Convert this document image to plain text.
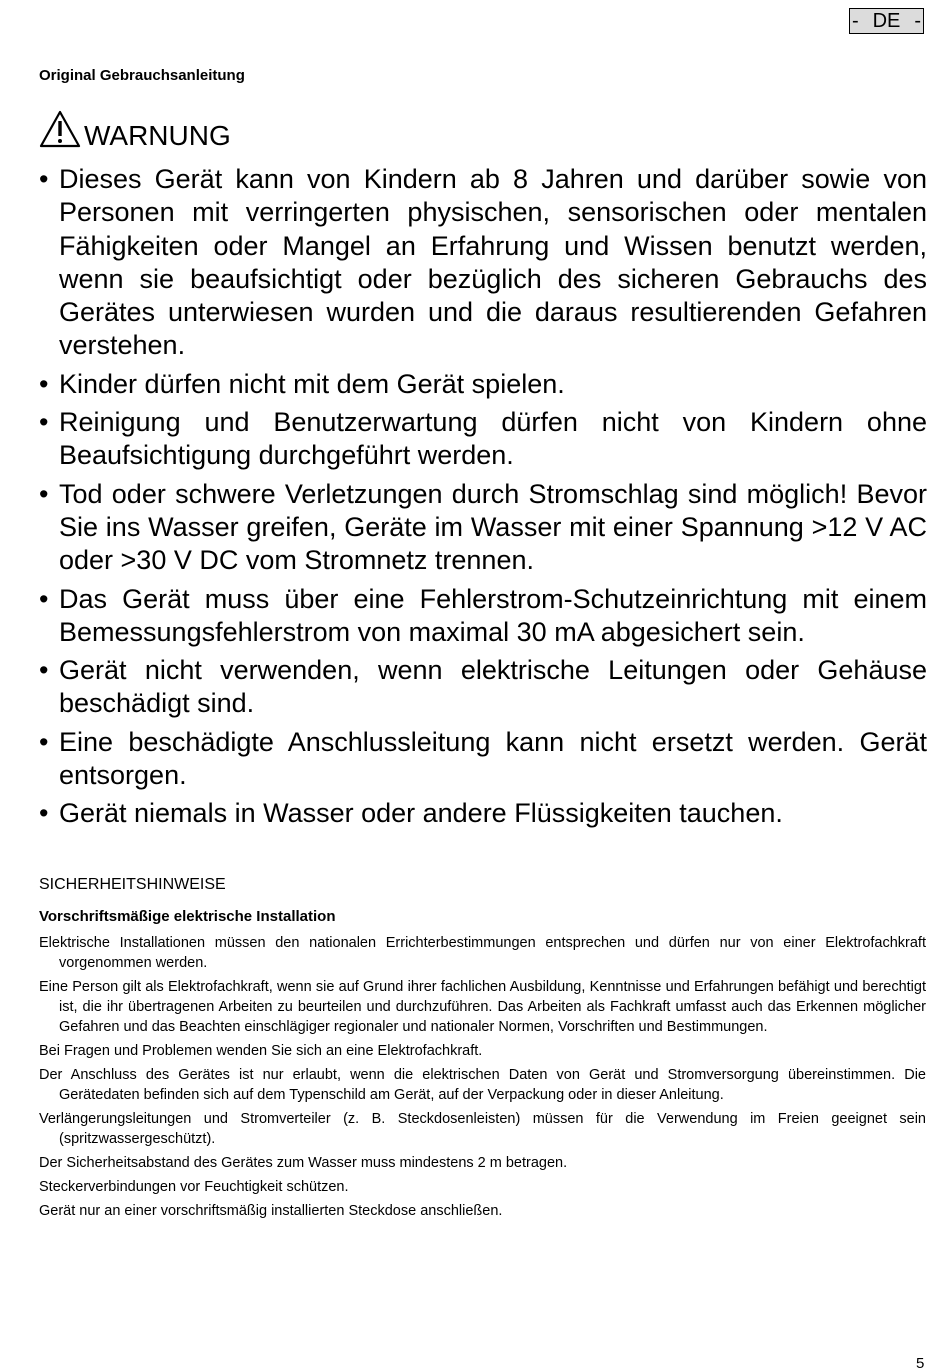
- DE -
Original Gebrauchsanleitung
WARNUNG
• Dieses Gerät kann von Kindern ab 8 Jahren und darüber sowie von Personen mit verringerten physischen, sensorischen oder mentalen Fähigkeiten oder Mangel an Erfahrung und Wissen benutzt werden, wenn sie beaufsichtigt oder bezüglich des sicheren Gebrauchs des Gerätes unterwiesen wurden und die daraus resultierenden Gefahren verstehen.
• Kinder dürfen nicht mit dem Gerät spielen.
• Reinigung und Benutzerwartung dürfen nicht von Kindern ohne Beaufsichtigung durchgeführt werden.
• Tod oder schwere Verletzungen durch Stromschlag sind möglich! Bevor Sie ins Wasser greifen, Geräte im Wasser mit einer Spannung >12 V AC oder >30 V DC vom Stromnetz trennen.
• Das Gerät muss über eine Fehlerstrom-Schutzeinrichtung mit einem Bemessungsfehlerstrom von maximal 30 mA abgesichert sein.
• Gerät nicht verwenden, wenn elektrische Leitungen oder Gehäuse beschädigt sind.
• Eine beschädigte Anschlussleitung kann nicht ersetzt werden. Gerät entsorgen.
• Gerät niemals in Wasser oder andere Flüssigkeiten tauchen.
SICHERHEITSHINWEISE
Vorschriftsmäßige elektrische Installation

Elektrische Installationen müssen den nationalen Errichterbestimmungen entsprechen und dürfen nur von einer Elektrofachkraft vorgenommen werden.

Eine Person gilt als Elektrofachkraft, wenn sie auf Grund ihrer fachlichen Ausbildung, Kenntnisse und Erfahrungen befähigt und berechtigt ist, die ihr übertragenen Arbeiten zu beurteilen und durchzuführen. Das Arbeiten als Fachkraft umfasst auch das Erkennen möglicher Gefahren und das Beachten einschlägiger regionaler und nationaler Normen, Vorschriften und Bestimmungen.

Bei Fragen und Problemen wenden Sie sich an eine Elektrofachkraft.

Der Anschluss des Gerätes ist nur erlaubt, wenn die elektrischen Daten von Gerät und Stromversorgung übereinstimmen. Die Gerätedaten befinden sich auf dem Typenschild am Gerät, auf der Verpackung oder in dieser Anleitung.

Verlängerungsleitungen und Stromverteiler (z. B. Steckdosenleisten) müssen für die Verwendung im Freien geeignet sein (spritzwassergeschützt).

Der Sicherheitsabstand des Gerätes zum Wasser muss mindestens 2 m betragen.

Steckerverbindungen vor Feuchtigkeit schützen.

Gerät nur an einer vorschriftsmäßig installierten Steckdose anschließen.

5
